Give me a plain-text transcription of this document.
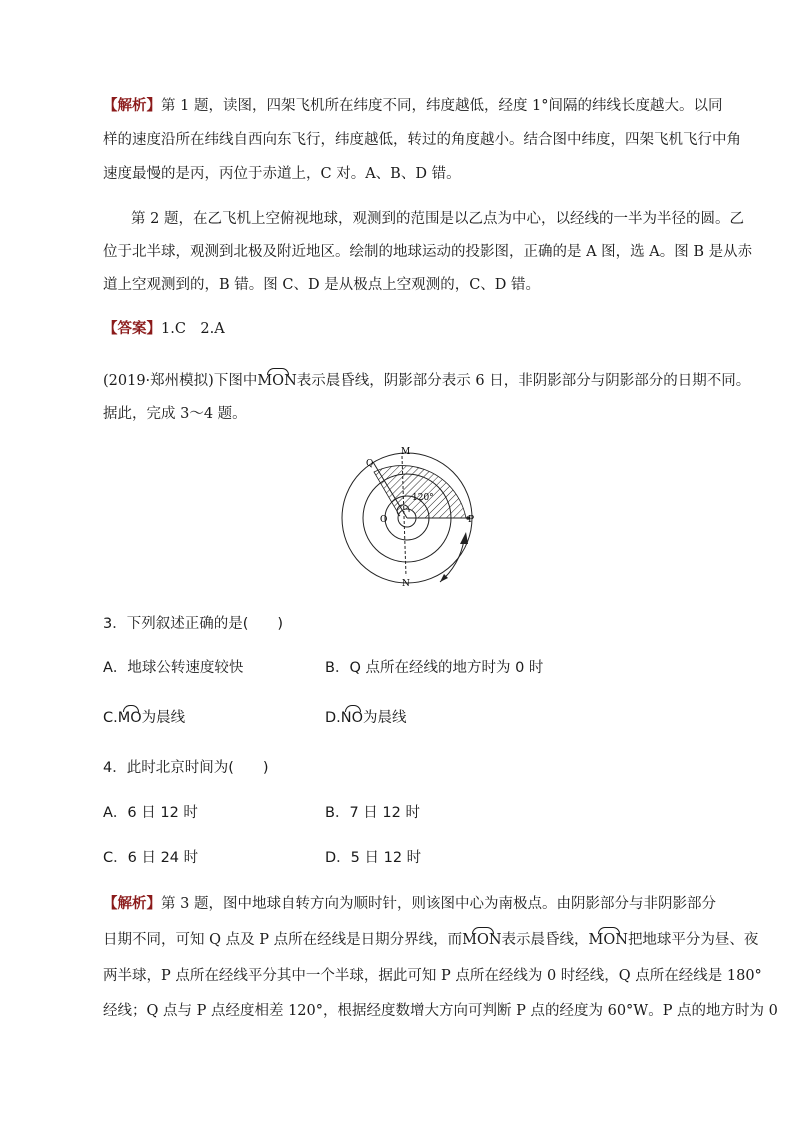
【解析】第 1 题，读图，四架飞机所在纬度不同，纬度越低，经度 1°间隔的纬线长度越大。以同
样的速度沿所在纬线自西向东飞行，纬度越低，转过的角度越小。结合图中纬度，四架飞机飞行中角
速度最慢的是丙，丙位于赤道上，C 对。A、B、D 错。
第 2 题，在乙飞机上空俯视地球，观测到的范围是以乙点为中心，以经线的一半为半径的圆。乙
位于北半球，观测到北极及附近地区。绘制的地球运动的投影图，正确的是 A 图，选 A。图 B 是从赤
道上空观测到的，B 错。图 C、D 是从极点上空观测的，C、D 错。
【答案】1.C　2.A
(2019·郑州模拟)下图中MON表示晨昏线，阴影部分表示 6 日，非阴影部分与阴影部分的日期不同。
据此，完成 3～4 题。
Q
M
O	P
N
120°
3．下列叙述正确的是(　　)
A．地球公转速度较快	B．Q 点所在经线的地方时为 0 时
C.MO为晨线	D.NO为晨线
4．此时北京时间为(　　)
A．6 日 12 时	B．7 日 12 时
C．6 日 24 时	D．5 日 12 时
【解析】第 3 题，图中地球自转方向为顺时针，则该图中心为南极点。由阴影部分与非阴影部分
日期不同，可知 Q 点及 P 点所在经线是日期分界线，而MON表示晨昏线，MON把地球平分为昼、夜
两半球，P 点所在经线平分其中一个半球，据此可知 P 点所在经线为 0 时经线，Q 点所在经线是 180°
经线；Q 点与 P 点经度相差 120°，根据经度数增大方向可判断 P 点的经度为 60°W。P 点的地方时为 0
